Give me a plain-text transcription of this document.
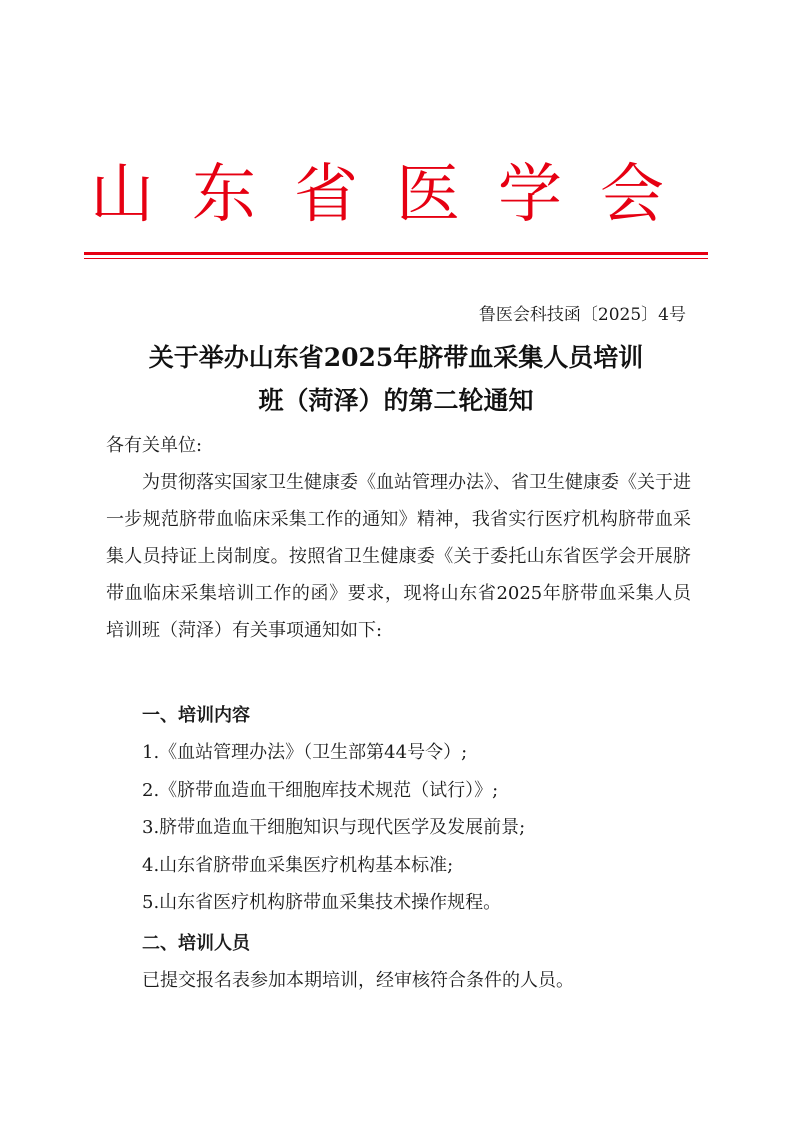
山东省医学会
鲁医会科技函〔2025〕4号
关于举办山东省2025年脐带血采集人员培训
班（菏泽）的第二轮通知
各有关单位:
为贯彻落实国家卫生健康委《血站管理办法》、省卫生健康委《关于进一步规范脐带血临床采集工作的通知》精神，我省实行医疗机构脐带血采集人员持证上岗制度。按照省卫生健康委《关于委托山东省医学会开展脐带血临床采集培训工作的函》要求，现将山东省2025年脐带血采集人员培训班（菏泽）有关事项通知如下:
一、培训内容
1.《血站管理办法》（卫生部第44号令）;
2.《脐带血造血干细胞库技术规范（试行）》;
3.脐带血造血干细胞知识与现代医学及发展前景;
4.山东省脐带血采集医疗机构基本标准;
5.山东省医疗机构脐带血采集技术操作规程。
二、培训人员
已提交报名表参加本期培训，经审核符合条件的人员。
